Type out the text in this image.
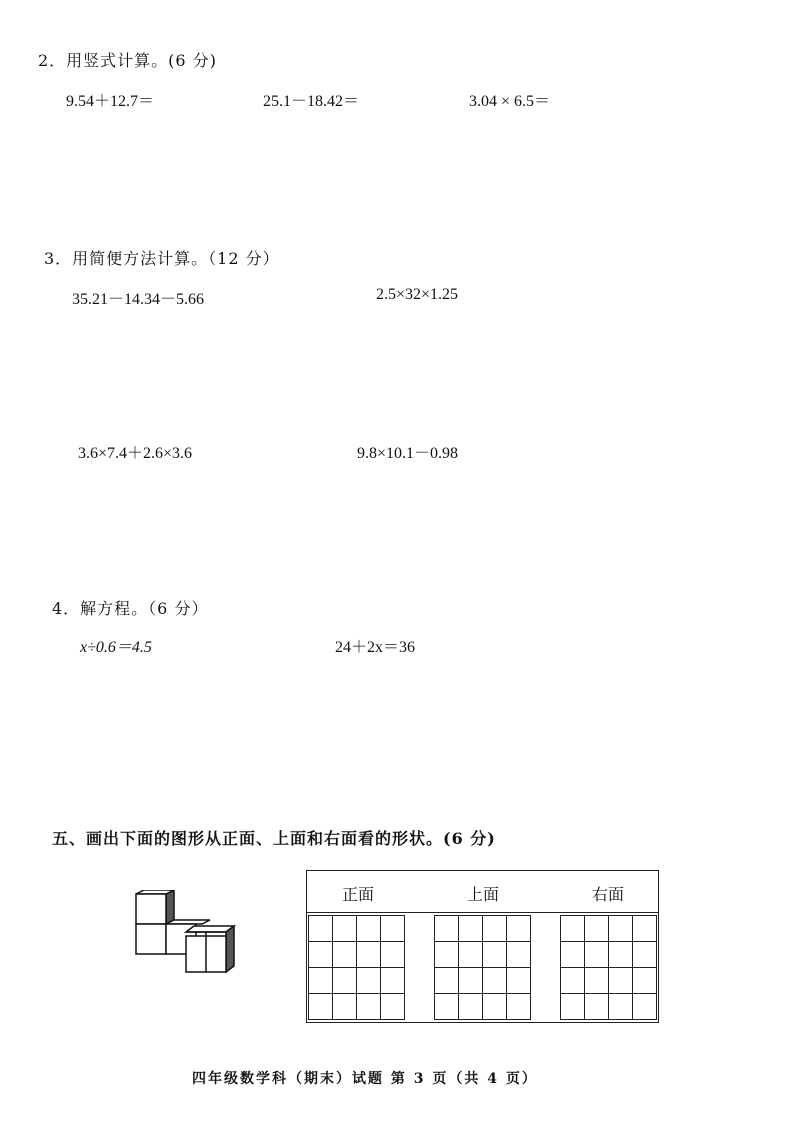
2．用竖式计算。(6 分)
9.54＋12.7＝	25.1－18.42＝	3.04 × 6.5＝
3．用简便方法计算。（12 分）
35.21－14.34－5.66	2.5×32×1.25
3.6×7.4＋2.6×3.6	9.8×10.1－0.98
4．解方程。（6 分）
x÷0.6＝4.5	24＋2x＝36
五、画出下面的图形从正面、上面和右面看的形状。(6 分)
正面	上面	右面

四年级数学科（期末）试题 第 3 页（共 4 页）
